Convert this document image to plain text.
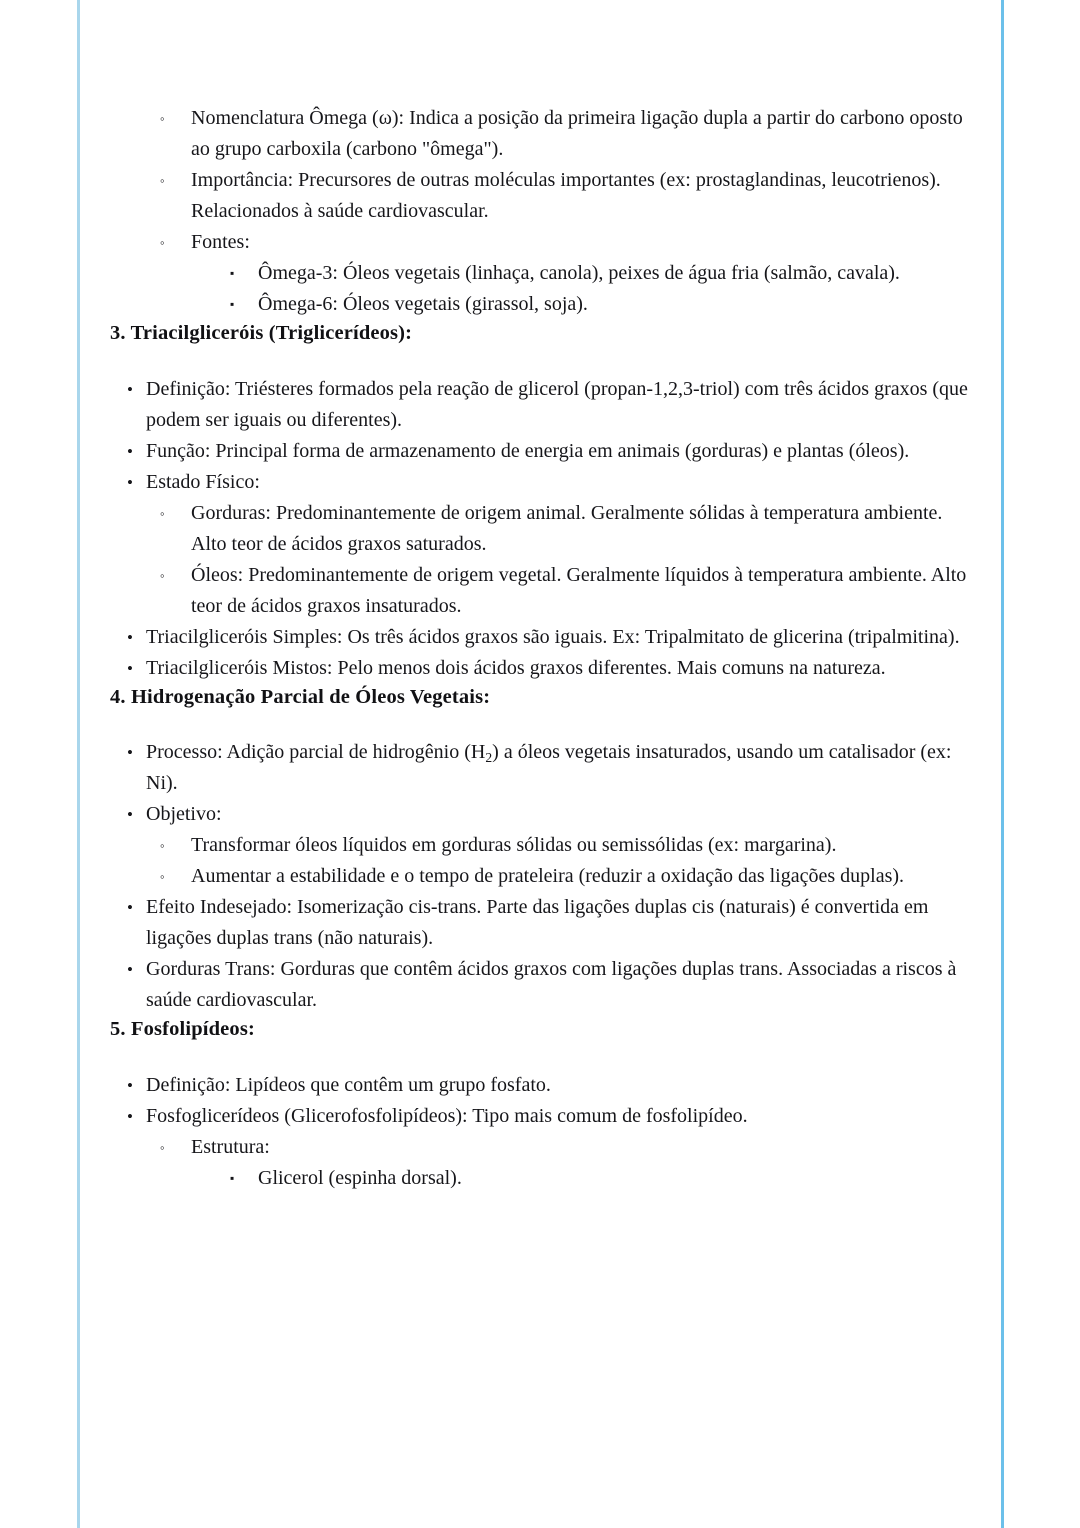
◦ Nomenclatura Ômega (ω): Indica a posição da primeira ligação dupla a partir do carbono oposto ao grupo carboxila (carbono "ômega").
◦ Importância: Precursores de outras moléculas importantes (ex: prostaglandinas, leucotrienos). Relacionados à saúde cardiovascular.
◦ Fontes:
▪ Ômega-3: Óleos vegetais (linhaça, canola), peixes de água fria (salmão, cavala).
▪ Ômega-6: Óleos vegetais (girassol, soja).
3. Triacilgliceróis (Triglicerídeos):
• Definição: Triésteres formados pela reação de glicerol (propan-1,2,3-triol) com três ácidos graxos (que podem ser iguais ou diferentes).
• Função: Principal forma de armazenamento de energia em animais (gorduras) e plantas (óleos).
• Estado Físico:
◦ Gorduras: Predominantemente de origem animal. Geralmente sólidas à temperatura ambiente. Alto teor de ácidos graxos saturados.
◦ Óleos: Predominantemente de origem vegetal. Geralmente líquidos à temperatura ambiente. Alto teor de ácidos graxos insaturados.
• Triacilgliceróis Simples: Os três ácidos graxos são iguais. Ex: Tripalmitato de glicerina (tripalmitina).
• Triacilgliceróis Mistos: Pelo menos dois ácidos graxos diferentes. Mais comuns na natureza.
4. Hidrogenação Parcial de Óleos Vegetais:
• Processo: Adição parcial de hidrogênio $(H_2)$ a óleos vegetais insaturados, usando um catalisador (ex: Ni).
• Objetivo:
◦ Transformar óleos líquidos em gorduras sólidas ou semissólidas (ex: margarina).
◦ Aumentar a estabilidade e o tempo de prateleira (reduzir a oxidação das ligações duplas).
• Efeito Indesejado: Isomerização cis-trans. Parte das ligações duplas cis (naturais) é convertida em ligações duplas trans (não naturais).
• Gorduras Trans: Gorduras que contêm ácidos graxos com ligações duplas trans. Associadas a riscos à saúde cardiovascular.
5. Fosfolipídeos:
• Definição: Lipídeos que contêm um grupo fosfato.
• Fosfoglicerídeos (Glicerofosfolipídeos): Tipo mais comum de fosfolipídeo.
◦ Estrutura:
▪ Glicerol (espinha dorsal).
